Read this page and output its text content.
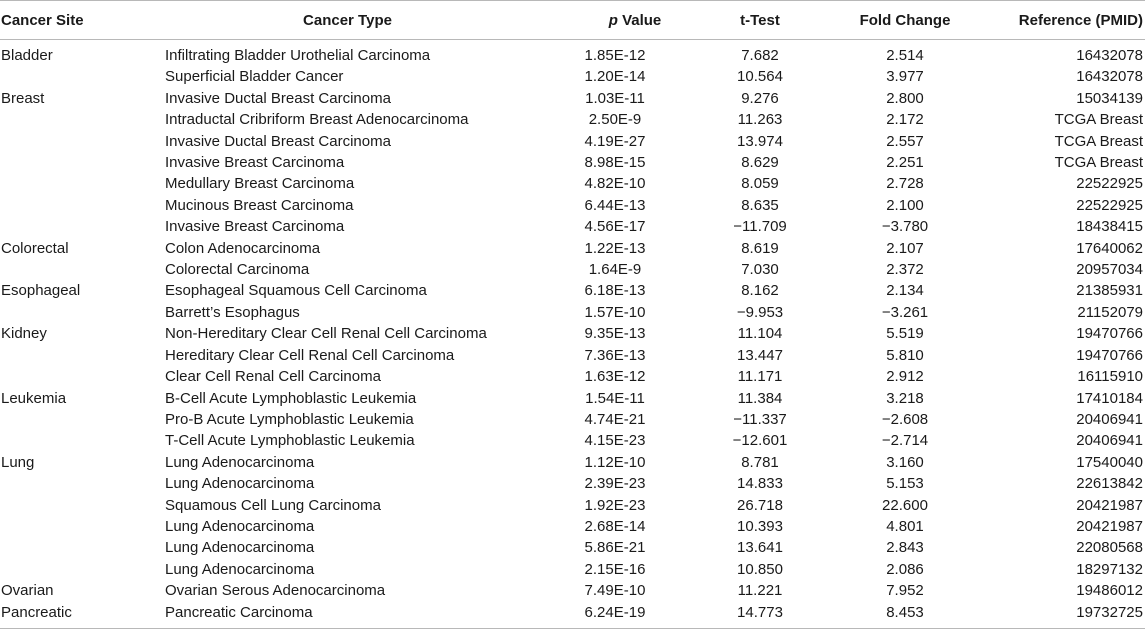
Cancer Site	Cancer Type	p Value	t-Test	Fold Change	Reference (PMID)
Bladder	Infiltrating Bladder Urothelial Carcinoma	1.85E-12	7.682	2.514	16432078
	Superficial Bladder Cancer	1.20E-14	10.564	3.977	16432078
Breast	Invasive Ductal Breast Carcinoma	1.03E-11	9.276	2.800	15034139
	Intraductal Cribriform Breast Adenocarcinoma	2.50E-9	11.263	2.172	TCGA Breast
	Invasive Ductal Breast Carcinoma	4.19E-27	13.974	2.557	TCGA Breast
	Invasive Breast Carcinoma	8.98E-15	8.629	2.251	TCGA Breast
	Medullary Breast Carcinoma	4.82E-10	8.059	2.728	22522925
	Mucinous Breast Carcinoma	6.44E-13	8.635	2.100	22522925
	Invasive Breast Carcinoma	4.56E-17	−11.709	−3.780	18438415
Colorectal	Colon Adenocarcinoma	1.22E-13	8.619	2.107	17640062
	Colorectal Carcinoma	1.64E-9	7.030	2.372	20957034
Esophageal	Esophageal Squamous Cell Carcinoma	6.18E-13	8.162	2.134	21385931
	Barrett’s Esophagus	1.57E-10	−9.953	−3.261	21152079
Kidney	Non-Hereditary Clear Cell Renal Cell Carcinoma	9.35E-13	11.104	5.519	19470766
	Hereditary Clear Cell Renal Cell Carcinoma	7.36E-13	13.447	5.810	19470766
	Clear Cell Renal Cell Carcinoma	1.63E-12	11.171	2.912	16115910
Leukemia	B-Cell Acute Lymphoblastic Leukemia	1.54E-11	11.384	3.218	17410184
	Pro-B Acute Lymphoblastic Leukemia	4.74E-21	−11.337	−2.608	20406941
	T-Cell Acute Lymphoblastic Leukemia	4.15E-23	−12.601	−2.714	20406941
Lung	Lung Adenocarcinoma	1.12E-10	8.781	3.160	17540040
	Lung Adenocarcinoma	2.39E-23	14.833	5.153	22613842
	Squamous Cell Lung Carcinoma	1.92E-23	26.718	22.600	20421987
	Lung Adenocarcinoma	2.68E-14	10.393	4.801	20421987
	Lung Adenocarcinoma	5.86E-21	13.641	2.843	22080568
	Lung Adenocarcinoma	2.15E-16	10.850	2.086	18297132
Ovarian	Ovarian Serous Adenocarcinoma	7.49E-10	11.221	7.952	19486012
Pancreatic	Pancreatic Carcinoma	6.24E-19	14.773	8.453	19732725
